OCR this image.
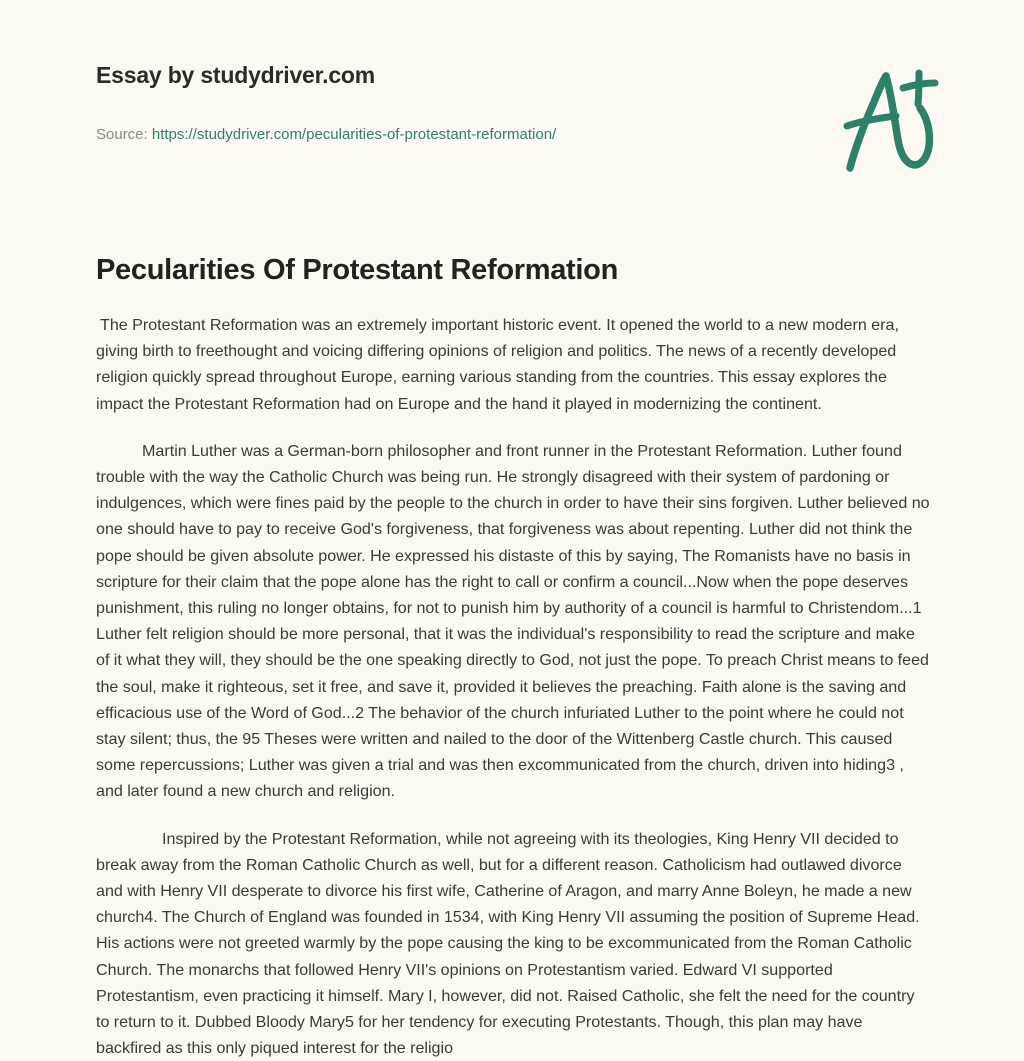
Essay by studydriver.com
Source: https://studydriver.com/pecularities-of-protestant-reformation/
Pecularities Of Protestant Reformation

The Protestant Reformation was an extremely important historic event. It opened the world to a new modern era, giving birth to freethought and voicing differing opinions of religion and politics. The news of a recently developed religion quickly spread throughout Europe, earning various standing from the countries. This essay explores the impact the Protestant Reformation had on Europe and the hand it played in modernizing the continent.

Martin Luther was a German-born philosopher and front runner in the Protestant Reformation. Luther found trouble with the way the Catholic Church was being run. He strongly disagreed with their system of pardoning or indulgences, which were fines paid by the people to the church in order to have their sins forgiven. Luther believed no one should have to pay to receive God's forgiveness, that forgiveness was about repenting. Luther did not think the pope should be given absolute power. He expressed his distaste of this by saying, The Romanists have no basis in scripture for their claim that the pope alone has the right to call or confirm a council...Now when the pope deserves punishment, this ruling no longer obtains, for not to punish him by authority of a council is harmful to Christendom...1 Luther felt religion should be more personal, that it was the individual's responsibility to read the scripture and make of it what they will, they should be the one speaking directly to God, not just the pope. To preach Christ means to feed the soul, make it righteous, set it free, and save it, provided it believes the preaching. Faith alone is the saving and efficacious use of the Word of God...2 The behavior of the church infuriated Luther to the point where he could not stay silent; thus, the 95 Theses were written and nailed to the door of the Wittenberg Castle church. This caused some repercussions; Luther was given a trial and was then excommunicated from the church, driven into hiding3 , and later found a new church and religion.

Inspired by the Protestant Reformation, while not agreeing with its theologies, King Henry VII decided to break away from the Roman Catholic Church as well, but for a different reason. Catholicism had outlawed divorce and with Henry VII desperate to divorce his first wife, Catherine of Aragon, and marry Anne Boleyn, he made a new church4. The Church of England was founded in 1534, with King Henry VII assuming the position of Supreme Head. His actions were not greeted warmly by the pope causing the king to be excommunicated from the Roman Catholic Church. The monarchs that followed Henry VII's opinions on Protestantism varied. Edward VI supported Protestantism, even practicing it himself. Mary I, however, did not. Raised Catholic, she felt the need for the country to return to it. Dubbed Bloody Mary5 for her tendency for executing Protestants. Though, this plan may have backfired as this only piqued interest for the religio
